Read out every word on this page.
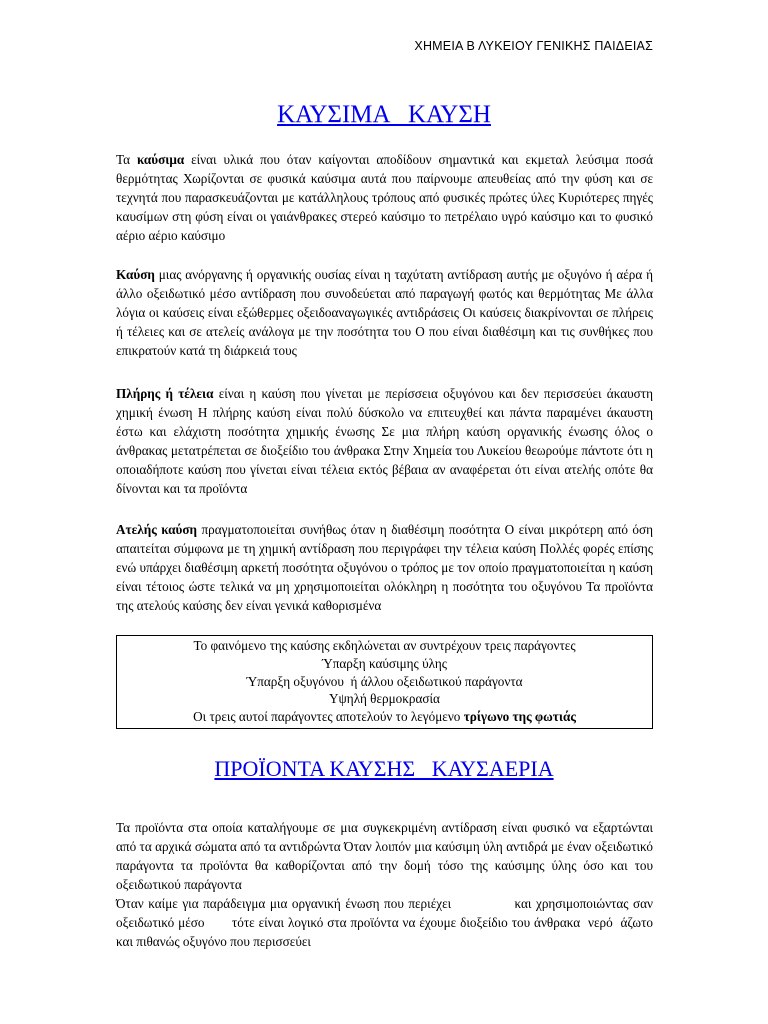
ΧΗΜΕΙΑ Β ΛΥΚΕΙΟΥ ΓΕΝΙΚΗΣ ΠΑΙΔΕΙΑΣ
ΚΑΥΣΙΜΑ   ΚΑΥΣΗ
Τα καύσιμα είναι υλικά που όταν καίγονται αποδίδουν σημαντικά και εκμεταλ λεύσιμα ποσά θερμότητας Χωρίζονται σε φυσικά καύσιμα αυτά που παίρνουμε απευθείας από την φύση και σε τεχνητά που παρασκευάζονται με κατάλληλους τρόπους από φυσικές πρώτες ύλες Κυριότερες πηγές καυσίμων στη φύση είναι οι γαιάνθρακες στερεό καύσιμο το πετρέλαιο υγρό καύσιμο και το φυσικό αέριο αέριο καύσιμο
Καύση μιας ανόργανης ή οργανικής ουσίας είναι η ταχύτατη αντίδραση αυτής με οξυγόνο ή αέρα ή άλλο οξειδωτικό μέσο αντίδραση που συνοδεύεται από παραγωγή φωτός και θερμότητας Με άλλα λόγια οι καύσεις είναι εξώθερμες οξειδοαναγωγικές αντιδράσεις Οι καύσεις διακρίνονται σε πλήρεις ή τέλειες και σε ατελείς ανάλογα με την ποσότητα του Ο που είναι διαθέσιμη και τις συνθήκες που επικρατούν κατά τη διάρκειά τους
Πλήρης ή τέλεια είναι η καύση που γίνεται με περίσσεια οξυγόνου και δεν περισσεύει άκαυστη χημική ένωση Η πλήρης καύση είναι πολύ δύσκολο να επιτευχθεί και πάντα παραμένει άκαυστη έστω και ελάχιστη ποσότητα χημικής ένωσης Σε μια πλήρη καύση οργανικής ένωσης όλος ο άνθρακας μετατρέπεται σε διοξείδιο του άνθρακα Στην Χημεία του Λυκείου θεωρούμε πάντοτε ότι η οποιαδήποτε καύση που γίνεται είναι τέλεια εκτός βέβαια αν αναφέρεται ότι είναι ατελής οπότε θα δίνονται και τα προϊόντα
Ατελής καύση πραγματοποιείται συνήθως όταν η διαθέσιμη ποσότητα Ο είναι μικρότερη από όση απαιτείται σύμφωνα με τη χημική αντίδραση που περιγράφει την τέλεια καύση Πολλές φορές επίσης ενώ υπάρχει διαθέσιμη αρκετή ποσότητα οξυγόνου ο τρόπος με τον οποίο πραγματοποιείται η καύση είναι τέτοιος ώστε τελικά να μη χρησιμοποιείται ολόκληρη η ποσότητα του οξυγόνου Τα προϊόντα της ατελούς καύσης δεν είναι γενικά καθορισμένα
Το φαινόμενο της καύσης εκδηλώνεται αν συντρέχουν τρεις παράγοντες
Ύπαρξη καύσιμης ύλης
Ύπαρξη οξυγόνου  ή άλλου οξειδωτικού παράγοντα
Υψηλή θερμοκρασία
Οι τρεις αυτοί παράγοντες αποτελούν το λεγόμενο τρίγωνο της φωτιάς
ΠΡΟΪΟΝΤΑ ΚΑΥΣΗΣ   ΚΑΥΣΑΕΡΙΑ
Τα προϊόντα στα οποία καταλήγουμε σε μια συγκεκριμένη αντίδραση είναι φυσικό να εξαρτώνται από τα αρχικά σώματα από τα αντιδρώντα Όταν λοιπόν μια καύσιμη ύλη αντιδρά με έναν οξειδωτικό παράγοντα τα προϊόντα θα καθορίζονται από την δομή τόσο της καύσιμης ύλης όσο και του οξειδωτικού παράγοντα
Όταν καίμε για παράδειγμα μια οργανική ένωση που περιέχει              και χρησιμοποιώντας σαν οξειδωτικό μέσο       τότε είναι λογικό στα προϊόντα να έχουμε διοξείδιο του άνθρακα  νερό  άζωτο και πιθανώς οξυγόνο που περισσεύει
